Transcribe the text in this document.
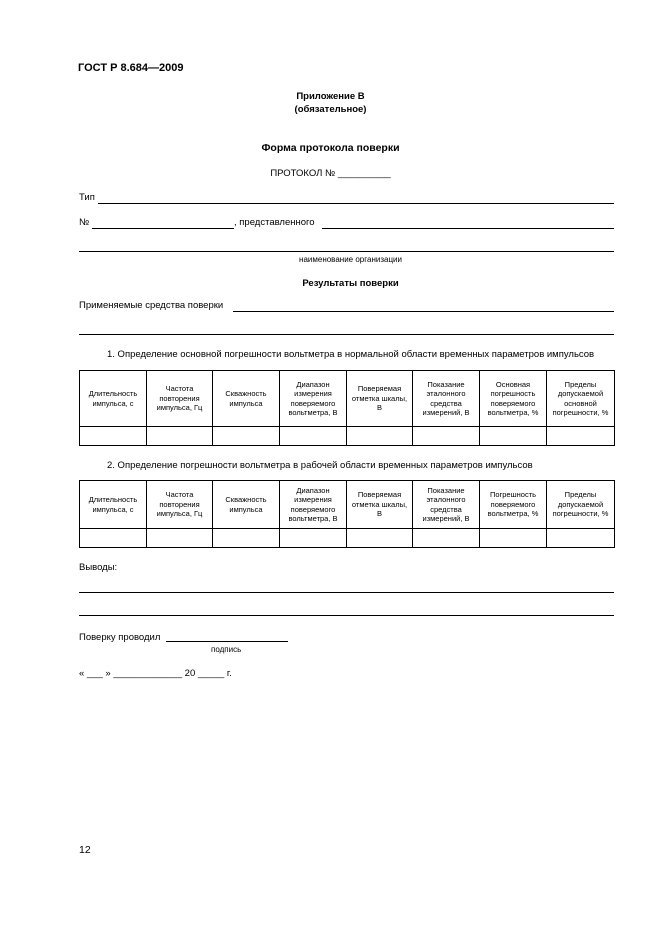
ГОСТ Р 8.684—2009
Приложение В
(обязательное)
Форма протокола поверки
ПРОТОКОЛ № __________
Тип
№	, представленного
наименование организации
Результаты поверки
Применяемые средства поверки
1. Определение основной погрешности вольтметра в нормальной области временных параметров импульсов
Длительность импульса, с	Частота повторения импульса, Гц	Скважность импульса	Диапазон измерения поверяемого вольтметра, В	Поверяемая отметка шкалы, В	Показание эталонного средства измерений, В	Основная погрешность поверяемого вольтметра, %	Пределы допускаемой основной погрешности, %

2. Определение погрешности вольтметра в рабочей области временных параметров импульсов
Длительность импульса, с	Частота повторения импульса, Гц	Скважность импульса	Диапазон измерения поверяемого вольтметра, В	Поверяемая отметка шкалы, В	Показание эталонного средства измерений, В	Погрешность поверяемого вольтметра, %	Пределы допускаемой погрешности, %

Выводы:
Поверку проводил
подпись
« ___ » _____________ 20 _____ г.
12
